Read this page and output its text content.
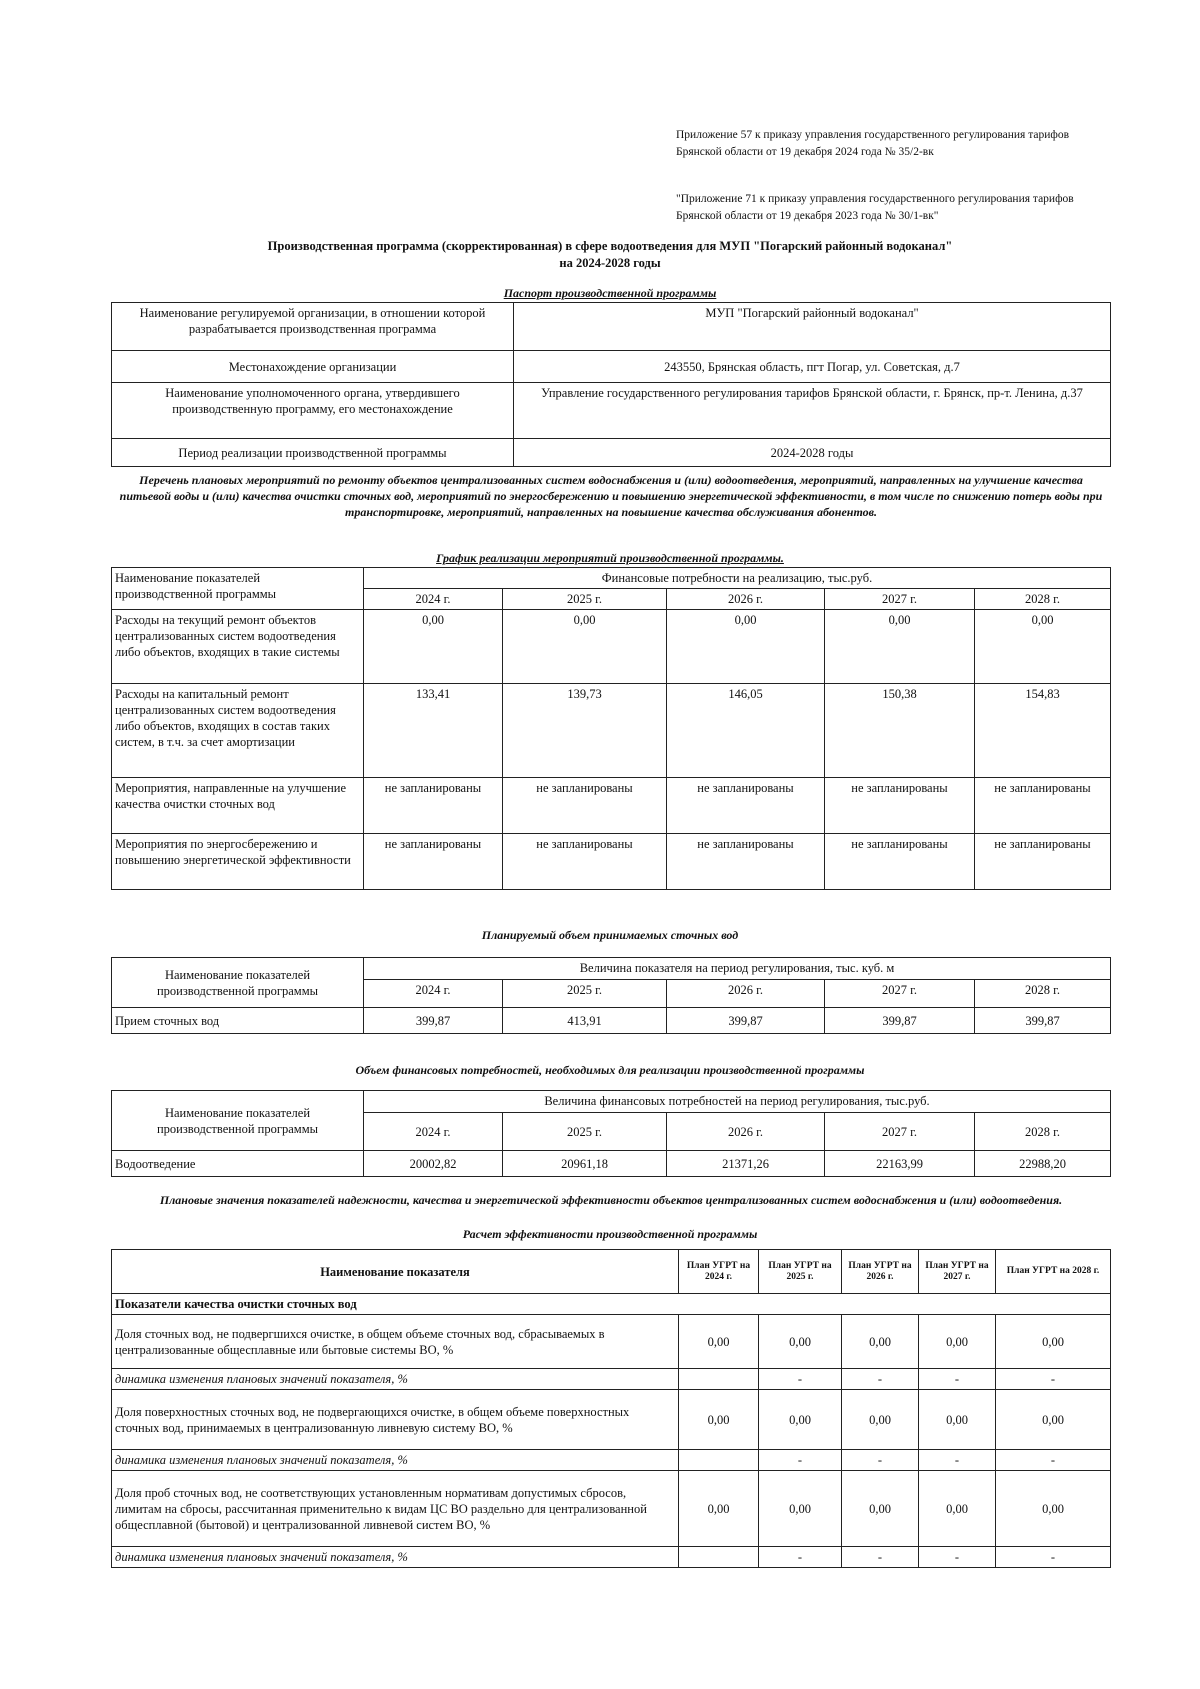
Приложение 57 к приказу управления государственного регулирования тарифов Брянской области от 19 декабря 2024 года № 35/2-вк
"Приложение 71 к приказу управления государственного регулирования тарифов Брянской области от 19 декабря 2023 года № 30/1-вк"
Производственная программа (скорректированная) в сфере водоотведения для МУП "Погарский районный водоканал"
на 2024-2028 годы
Паспорт производственной программы
Наименование регулируемой организации, в отношении которой разрабатывается производственная программа	МУП "Погарский районный водоканал"
Местонахождение организации	243550, Брянская область, пгт Погар, ул. Советская, д.7
Наименование уполномоченного органа, утвердившего производственную программу, его местонахождение	Управление государственного регулирования тарифов Брянской области, г. Брянск, пр-т. Ленина, д.37
Период реализации производственной программы	2024-2028 годы
Перечень плановых мероприятий по ремонту объектов централизованных систем водоснабжения и (или) водоотведения, мероприятий, направленных на улучшение качества питьевой воды и (или) качества очистки сточных вод, мероприятий по энергосбережению и повышению энергетической эффективности, в том числе по снижению потерь воды при транспортировке, мероприятий, направленных на повышение качества обслуживания абонентов.
График реализации мероприятий производственной программы.
Наименование показателей производственной программы	Финансовые потребности на реализацию, тыс.руб.				
	2024 г.	2025 г.	2026 г.	2027 г.	2028 г.
Расходы на текущий ремонт объектов централизованных систем водоотведения либо объектов, входящих в такие системы	0,00	0,00	0,00	0,00	0,00
Расходы на капитальный ремонт централизованных систем водоотведения либо объектов, входящих в состав таких систем, в т.ч. за счет амортизации	133,41	139,73	146,05	150,38	154,83
Мероприятия, направленные на улучшение качества очистки сточных вод	не запланированы	не запланированы	не запланированы	не запланированы	не запланированы
Мероприятия по энергосбережению и повышению энергетической эффективности	не запланированы	не запланированы	не запланированы	не запланированы	не запланированы
Планируемый объем принимаемых сточных вод
Наименование показателей производственной программы	Величина показателя на период регулирования, тыс. куб. м				
	2024 г.	2025 г.	2026 г.	2027 г.	2028 г.
Прием сточных вод	399,87	413,91	399,87	399,87	399,87
Объем финансовых потребностей, необходимых для реализации производственной программы
Наименование показателей производственной программы	Величина финансовых потребностей на период регулирования, тыс.руб.				
	2024 г.	2025 г.	2026 г.	2027 г.	2028 г.
Водоотведение	20002,82	20961,18	21371,26	22163,99	22988,20
Плановые значения показателей надежности, качества и энергетической эффективности объектов централизованных систем водоснабжения и (или) водоотведения.
Расчет эффективности производственной программы
Наименование показателя	План УГРТ на 2024 г.	План УГРТ на 2025 г.	План УГРТ на 2026 г.	План УГРТ на 2027 г.	План УГРТ на 2028 г.
Показатели качества очистки сточных вод					
Доля сточных вод, не подвергшихся очистке, в общем объеме сточных вод, сбрасываемых в централизованные общесплавные или бытовые системы ВО, %	0,00	0,00	0,00	0,00	0,00
динамика изменения плановых значений показателя, %		-	-	-	-
Доля поверхностных сточных вод, не подвергающихся очистке, в общем объеме поверхностных сточных вод, принимаемых в централизованную ливневую систему ВО, %	0,00	0,00	0,00	0,00	0,00
динамика изменения плановых значений показателя, %		-	-	-	-
Доля проб сточных вод, не соответствующих установленным нормативам допустимых сбросов, лимитам на сбросы, рассчитанная применительно к видам ЦС ВО раздельно для централизованной общесплавной (бытовой) и централизованной ливневой систем ВО, %	0,00	0,00	0,00	0,00	0,00
динамика изменения плановых значений показателя, %		-	-	-	-
